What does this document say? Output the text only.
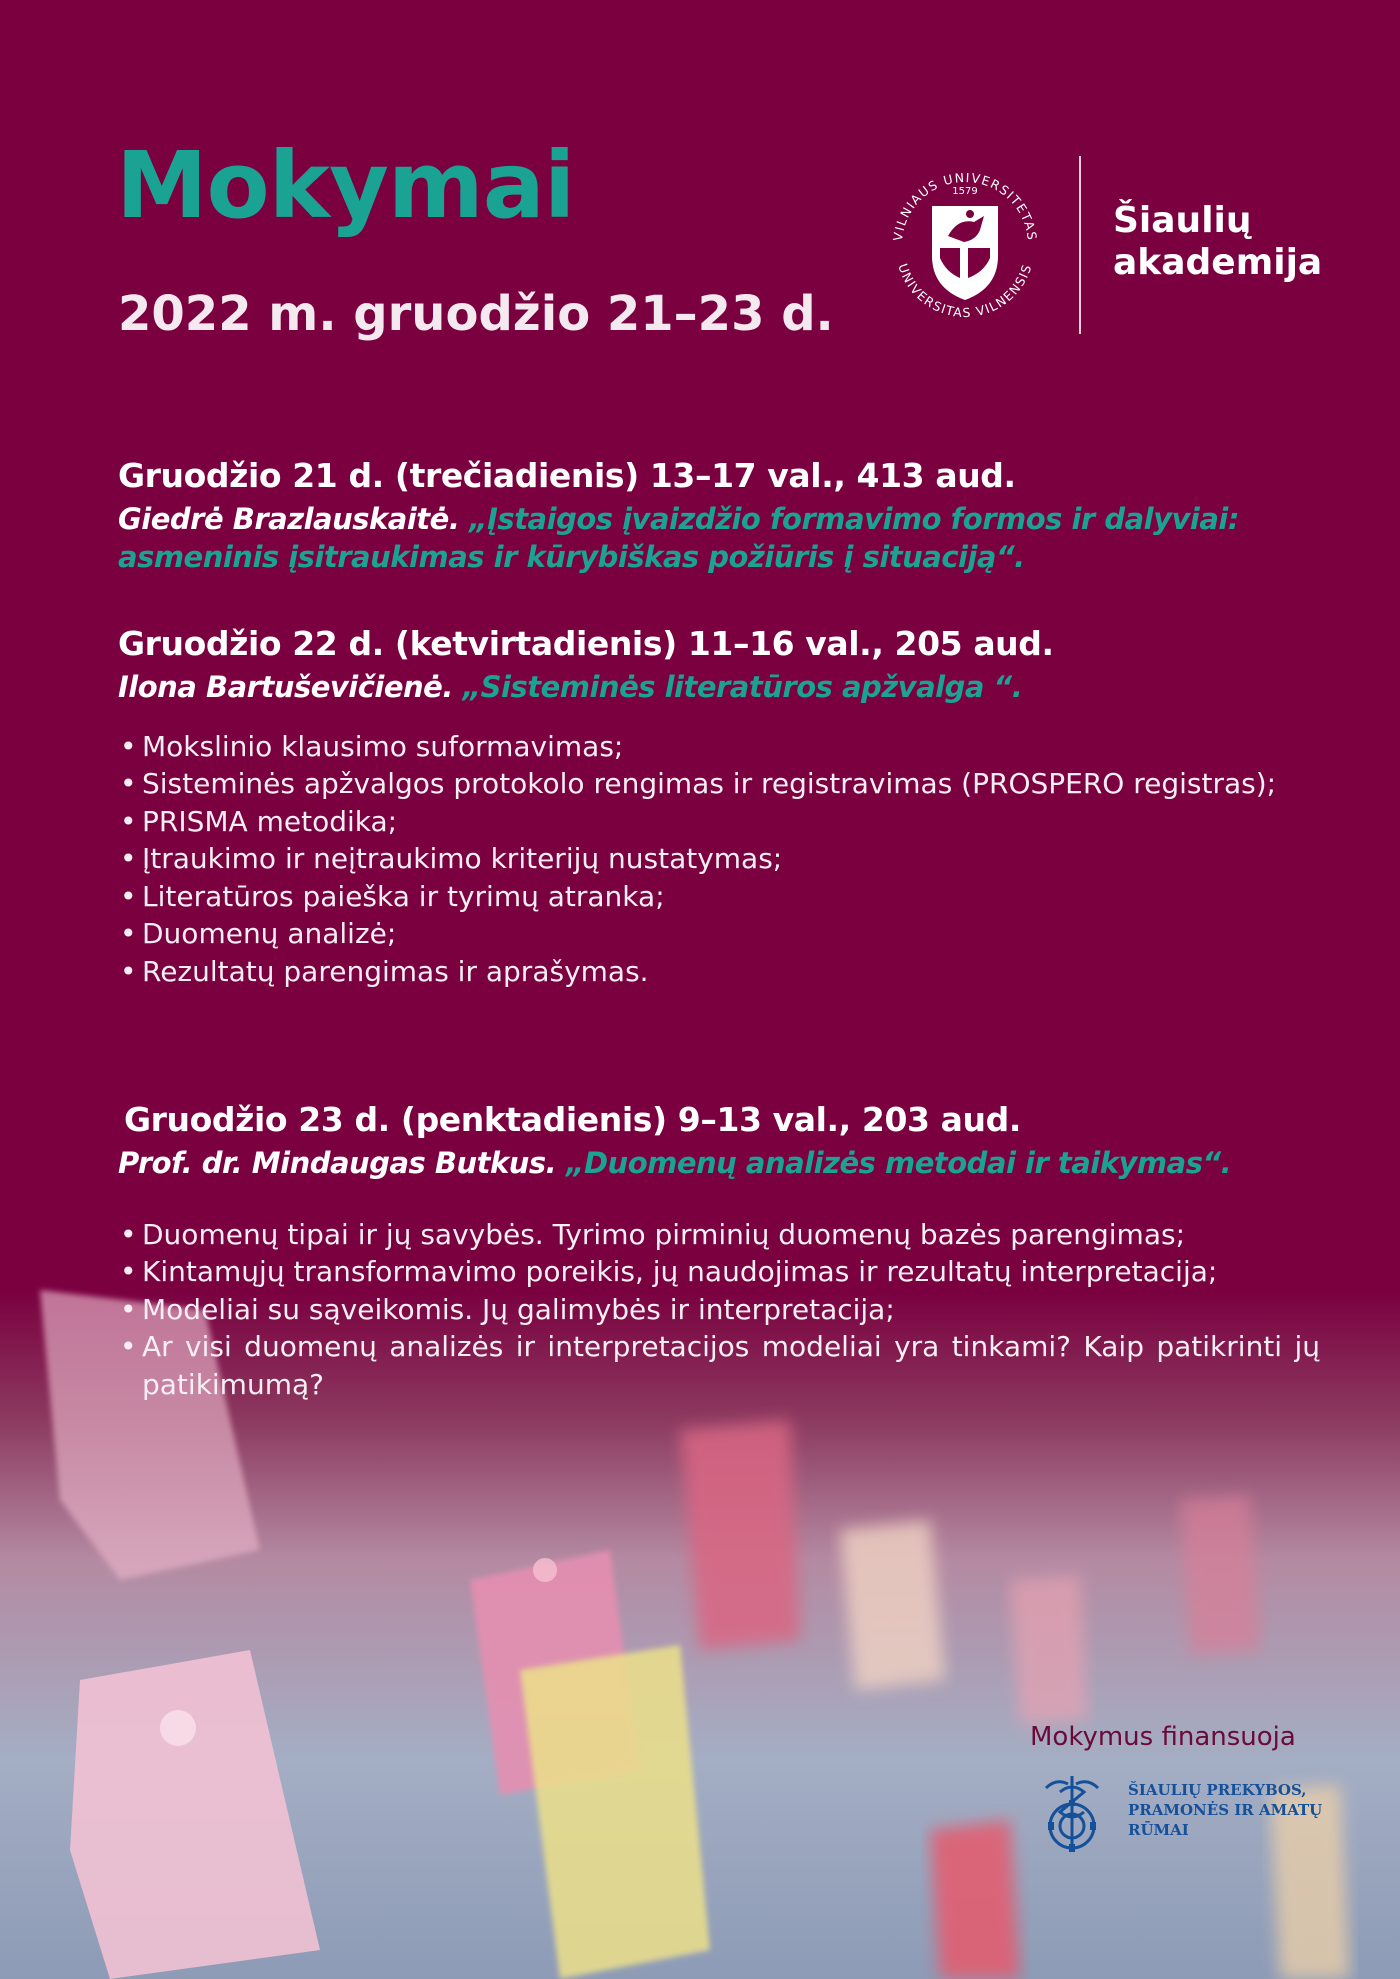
Mokymai

2022 m. gruodžio 21–23 d.

VILNIAUS UNIVERSITETAS
UNIVERSITAS VILNENSIS
1579
Šiaulių
akademija

Gruodžio 21 d. (trečiadienis) 13–17 val., 413 aud.

Giedrė Brazlauskaitė. „Įstaigos įvaizdžio formavimo formos ir dalyviai: asmeninis įsitraukimas ir kūrybiškas požiūris į situaciją“.

Gruodžio 22 d. (ketvirtadienis) 11–16 val., 205 aud.

Ilona Bartuševičienė. „Sisteminės literatūros apžvalga “.

• Mokslinio klausimo suformavimas;
• Sisteminės apžvalgos protokolo rengimas ir registravimas (PROSPERO registras);
• PRISMA metodika;
• Įtraukimo ir neįtraukimo kriterijų nustatymas;
• Literatūros paieška ir tyrimų atranka;
• Duomenų analizė;
• Rezultatų parengimas ir aprašymas.

Gruodžio 23 d. (penktadienis) 9–13 val., 203 aud.

Prof. dr. Mindaugas Butkus. „Duomenų analizės metodai ir taikymas“.

• Duomenų tipai ir jų savybės. Tyrimo pirminių duomenų bazės parengimas;
• Kintamųjų transformavimo poreikis, jų naudojimas ir rezultatų interpretacija;
• Modeliai su sąveikomis. Jų galimybės ir interpretacija;
• Ar visi duomenų analizės ir interpretacijos modeliai yra tinkami? Kaip patikrinti jų patikimumą?

Mokymus finansuoja

ŠIAULIŲ PREKYBOS,
PRAMONĖS IR AMATŲ
RŪMAI
